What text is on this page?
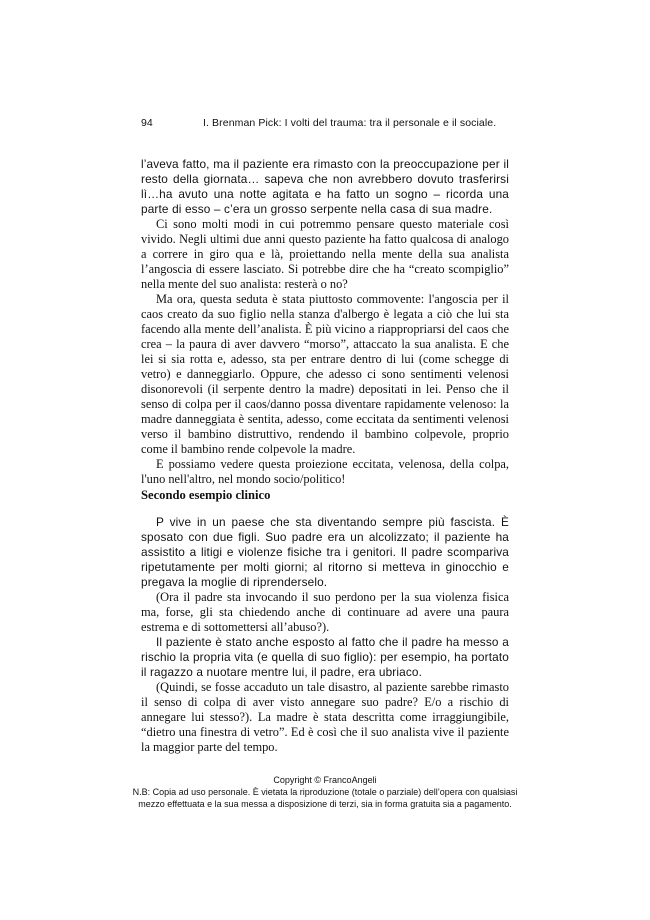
94	I. Brenman Pick: I volti del trauma: tra il personale e il sociale.

l’aveva fatto, ma il paziente era rimasto con la preoccupazione per il resto della giornata… sapeva che non avrebbero dovuto trasferirsi lì…ha avuto una notte agitata e ha fatto un sogno – ricorda una parte di esso – c’era un grosso serpente nella casa di sua madre.

Ci sono molti modi in cui potremmo pensare questo materiale così vivido. Negli ultimi due anni questo paziente ha fatto qualcosa di analogo a correre in giro qua e là, proiettando nella mente della sua analista l’angoscia di essere lasciato. Si potrebbe dire che ha “creato scompiglio” nella mente del suo analista: resterà o no?

Ma ora, questa seduta è stata piuttosto commovente: l'angoscia per il caos creato da suo figlio nella stanza d'albergo è legata a ciò che lui sta facendo alla mente dell’analista. È più vicino a riappropriarsi del caos che crea – la paura di aver davvero “morso”, attaccato la sua analista. E che lei si sia rotta e, adesso, sta per entrare dentro di lui (come schegge di vetro) e danneggiarlo. Oppure, che adesso ci sono sentimenti velenosi disonorevoli (il serpente dentro la madre) depositati in lei. Penso che il senso di colpa per il caos/danno possa diventare rapidamente velenoso: la madre danneggiata è sentita, adesso, come eccitata da sentimenti velenosi verso il bambino distruttivo, rendendo il bambino colpevole, proprio come il bambino rende colpevole la madre.

E possiamo vedere questa proiezione eccitata, velenosa, della colpa, l'uno nell'altro, nel mondo socio/politico!

Secondo esempio clinico

P vive in un paese che sta diventando sempre più fascista. È sposato con due figli. Suo padre era un alcolizzato; il paziente ha assistito a litigi e violenze fisiche tra i genitori. Il padre scompariva ripetutamente per molti giorni; al ritorno si metteva in ginocchio e pregava la moglie di riprenderselo.

(Ora il padre sta invocando il suo perdono per la sua violenza fisica ma, forse, gli sta chiedendo anche di continuare ad avere una paura estrema e di sottomettersi all’abuso?).

Il paziente è stato anche esposto al fatto che il padre ha messo a rischio la propria vita (e quella di suo figlio): per esempio, ha portato il ragazzo a nuotare mentre lui, il padre, era ubriaco.

(Quindi, se fosse accaduto un tale disastro, al paziente sarebbe rimasto il senso di colpa di aver visto annegare suo padre? E/o a rischio di annegare lui stesso?). La madre è stata descritta come irraggiungibile, “dietro una finestra di vetro”. Ed è così che il suo analista vive il paziente la maggior parte del tempo.

Copyright © FrancoAngeli
N.B: Copia ad uso personale. È vietata la riproduzione (totale o parziale) dell’opera con qualsiasi
mezzo effettuata e la sua messa a disposizione di terzi, sia in forma gratuita sia a pagamento.
